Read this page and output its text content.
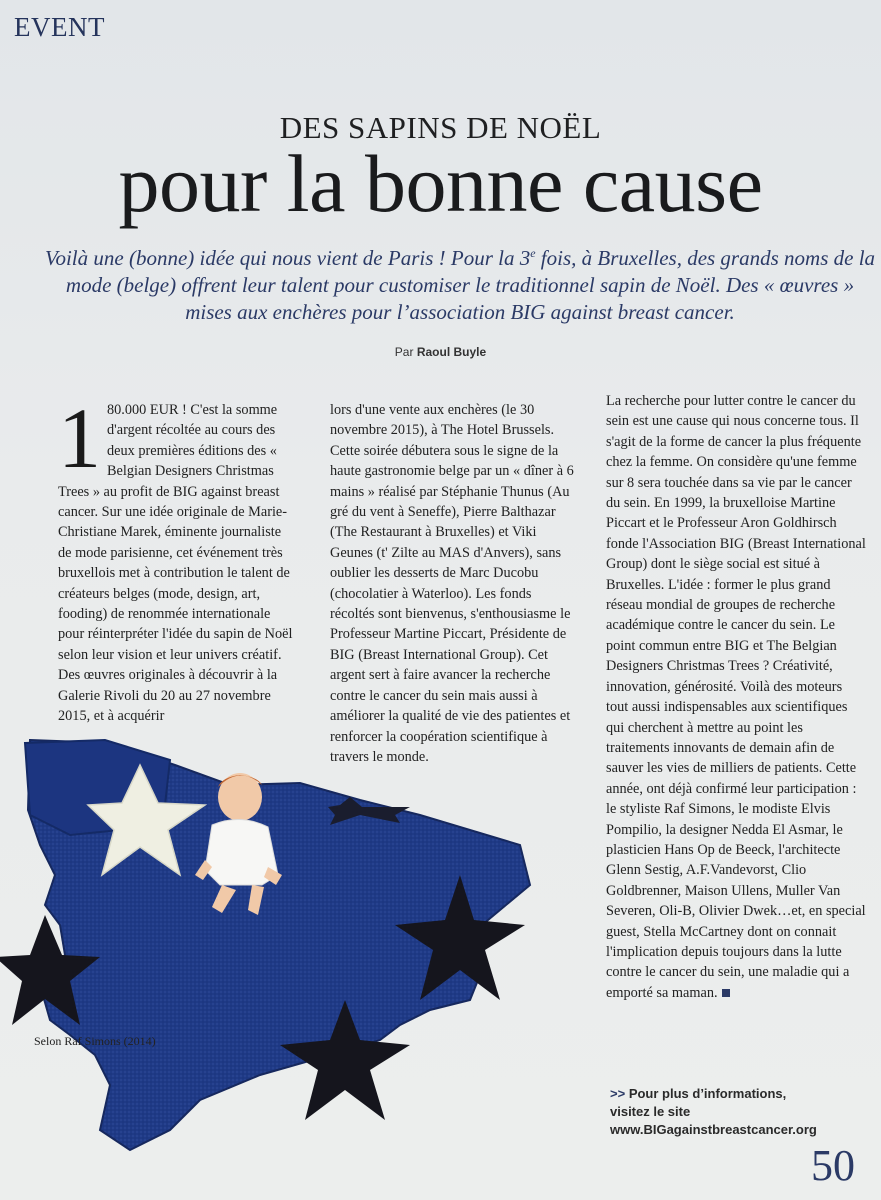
EVENT
DES SAPINS DE NOËL
pour la bonne cause
Voilà une (bonne) idée qui nous vient de Paris ! Pour la 3e fois, à Bruxelles, des grands noms de la mode (belge) offrent leur talent pour customiser le traditionnel sapin de Noël. Des « œuvres » mises aux enchères pour l’association BIG against breast cancer.
Par Raoul Buyle
1 80.000 EUR ! C'est la somme d'argent récoltée au cours des deux premières éditions des « Belgian Designers Christmas Trees » au profit de BIG against breast cancer. Sur une idée originale de Marie-Christiane Marek, éminente journaliste de mode parisienne, cet événement très bruxellois met à contribution le talent de créateurs belges (mode, design, art, fooding) de renommée internationale pour réinterpréter l'idée du sapin de Noël selon leur vision et leur univers créatif. Des œuvres originales à découvrir à la Galerie Rivoli du 20 au 27 novembre 2015, et à acquérir
lors d'une vente aux enchères (le 30 novembre 2015), à The Hotel Brussels. Cette soirée débutera sous le signe de la haute gastronomie belge par un « dîner à 6 mains » réalisé par Stéphanie Thunus (Au gré du vent à Seneffe), Pierre Balthazar (The Restaurant à Bruxelles) et Viki Geunes (t' Zilte au MAS d'Anvers), sans oublier les desserts de Marc Ducobu (chocolatier à Waterloo). Les fonds récoltés sont bienvenus, s'enthousiasme le Professeur Martine Piccart, Présidente de BIG (Breast International Group). Cet argent sert à faire avancer la recherche contre le cancer du sein mais aussi à améliorer la qualité de vie des patientes et renforcer la coopération scientifique à travers le monde.
La recherche pour lutter contre le cancer du sein est une cause qui nous concerne tous. Il s'agit de la forme de cancer la plus fréquente chez la femme. On considère qu'une femme sur 8 sera touchée dans sa vie par le cancer du sein. En 1999, la bruxelloise Martine Piccart et le Professeur Aron Goldhirsch fonde l'Association BIG (Breast International Group) dont le siège social est situé à Bruxelles. L'idée : former le plus grand réseau mondial de groupes de recherche académique contre le cancer du sein. Le point commun entre BIG et The Belgian Designers Christmas Trees ? Créativité, innovation, générosité. Voilà des moteurs tout aussi indispensables aux scientifiques qui cherchent à mettre au point les traitements innovants de demain afin de sauver les vies de milliers de patients. Cette année, ont déjà confirmé leur participation : le styliste Raf Simons, le modiste Elvis Pompilio, la designer Nedda El Asmar, le plasticien Hans Op de Beeck, l'architecte Glenn Sestig, A.F.Vandevorst, Clio Goldbrenner, Maison Ullens, Muller Van Severen, Oli-B, Olivier Dwek…et, en special guest, Stella McCartney dont on connait l'implication depuis toujours dans la lutte contre le cancer du sein, une maladie qui a emporté sa maman.
Selon Raf Simons (2014)
>> Pour plus d’informations,
visitez le site
www.BIGagainstbreastcancer.org
50
